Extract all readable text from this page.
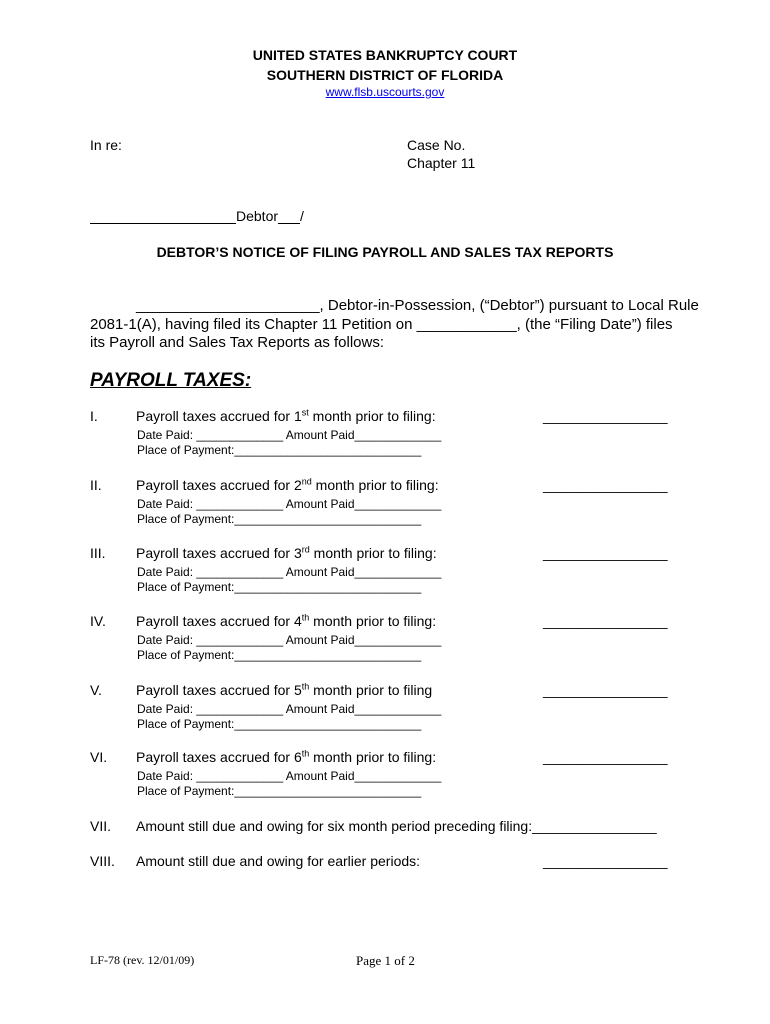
UNITED STATES BANKRUPTCY COURT
SOUTHERN DISTRICT OF FLORIDA
www.flsb.uscourts.gov
In re:	Case No.
Chapter 11
Debtor /
DEBTOR’S NOTICE OF FILING PAYROLL AND SALES TAX REPORTS
______________________, Debtor-in-Possession, (“Debtor”) pursuant to Local Rule
2081-1(A), having filed its Chapter 11 Petition on ____________, (the “Filing Date”) files
its Payroll and Sales Tax Reports as follows:
PAYROLL TAXES:
I.	Payroll taxes accrued for 1st month prior to filing:	________________
Date Paid: _____________ Amount Paid_____________
Place of Payment:____________________________
II. Payroll taxes accrued for 2nd month prior to filing:	________________
Date Paid: _____________ Amount Paid_____________
Place of Payment:____________________________
III. Payroll taxes accrued for 3rd month prior to filing:	________________
Date Paid: _____________ Amount Paid_____________
Place of Payment:____________________________
IV. Payroll taxes accrued for 4th month prior to filing:	________________
Date Paid: _____________ Amount Paid_____________
Place of Payment:____________________________
V. Payroll taxes accrued for 5th month prior to filing	________________
Date Paid: _____________ Amount Paid_____________
Place of Payment:____________________________
VI. Payroll taxes accrued for 6th month prior to filing:	________________
Date Paid: _____________ Amount Paid_____________
Place of Payment:____________________________
VII. Amount still due and owing for six month period preceding filing:________________
VIII. Amount still due and owing for earlier periods:	________________
LF-78 (rev. 12/01/09)	Page 1 of 2
